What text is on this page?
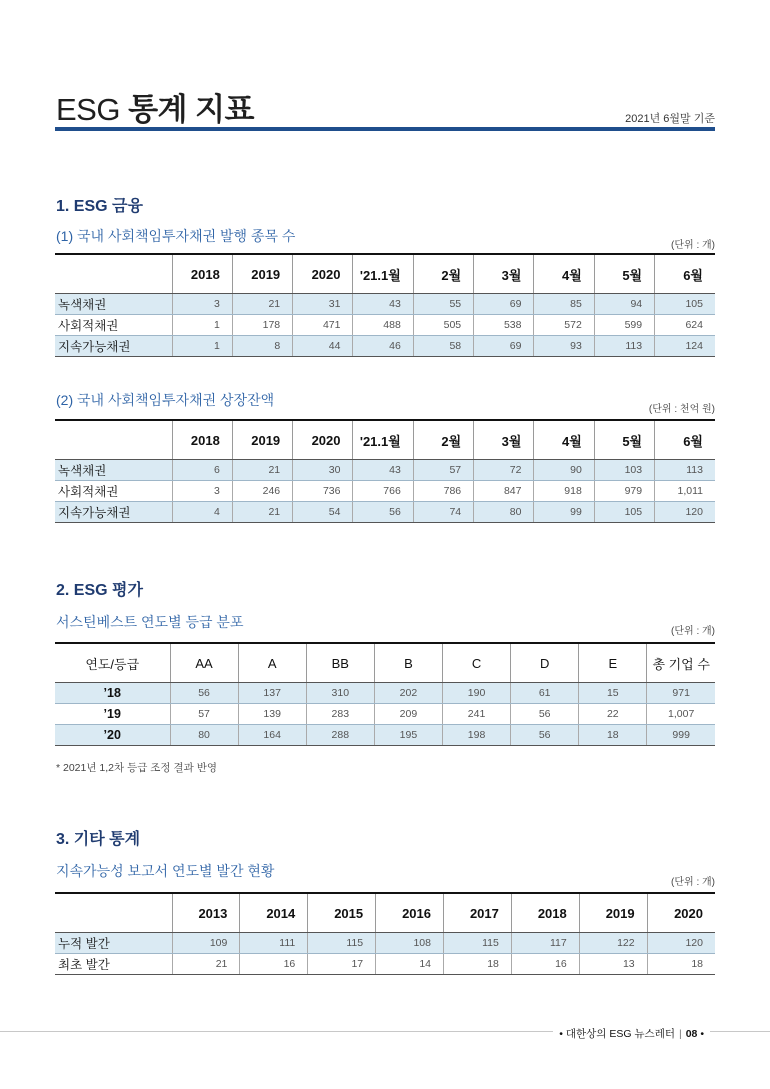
ESG 통계 지표	2021년 6월말 기준
1. ESG 금융
(1) 국내 사회책임투자채권 발행 종목 수
(단위 : 개)
	2018	2019	2020	'21.1월	2월	3월	4월	5월	6월
녹색채권	3	21	31	43	55	69	85	94	105
사회적채권	1	178	471	488	505	538	572	599	624
지속가능채권	1	8	44	46	58	69	93	113	124
(2) 국내 사회책임투자채권 상장잔액
(단위 : 천억 원)
	2018	2019	2020	'21.1월	2월	3월	4월	5월	6월
녹색채권	6	21	30	43	57	72	90	103	113
사회적채권	3	246	736	766	786	847	918	979	1,011
지속가능채권	4	21	54	56	74	80	99	105	120
2. ESG 평가
서스틴베스트 연도별 등급 분포
(단위 : 개)
연도/등급	AA	A	BB	B	C	D	E	총 기업 수
’18	56	137	310	202	190	61	15	971
’19	57	139	283	209	241	56	22	1,007
’20	80	164	288	195	198	56	18	999
* 2021년 1,2차 등급 조정 결과 반영
3. 기타 통계
지속가능성 보고서 연도별 발간 현황
(단위 : 개)
	2013	2014	2015	2016	2017	2018	2019	2020
누적 발간	109	111	115	108	115	117	122	120
최초 발간	21	16	17	14	18	16	13	18
• 대한상의 ESG 뉴스레터 | 08 •
